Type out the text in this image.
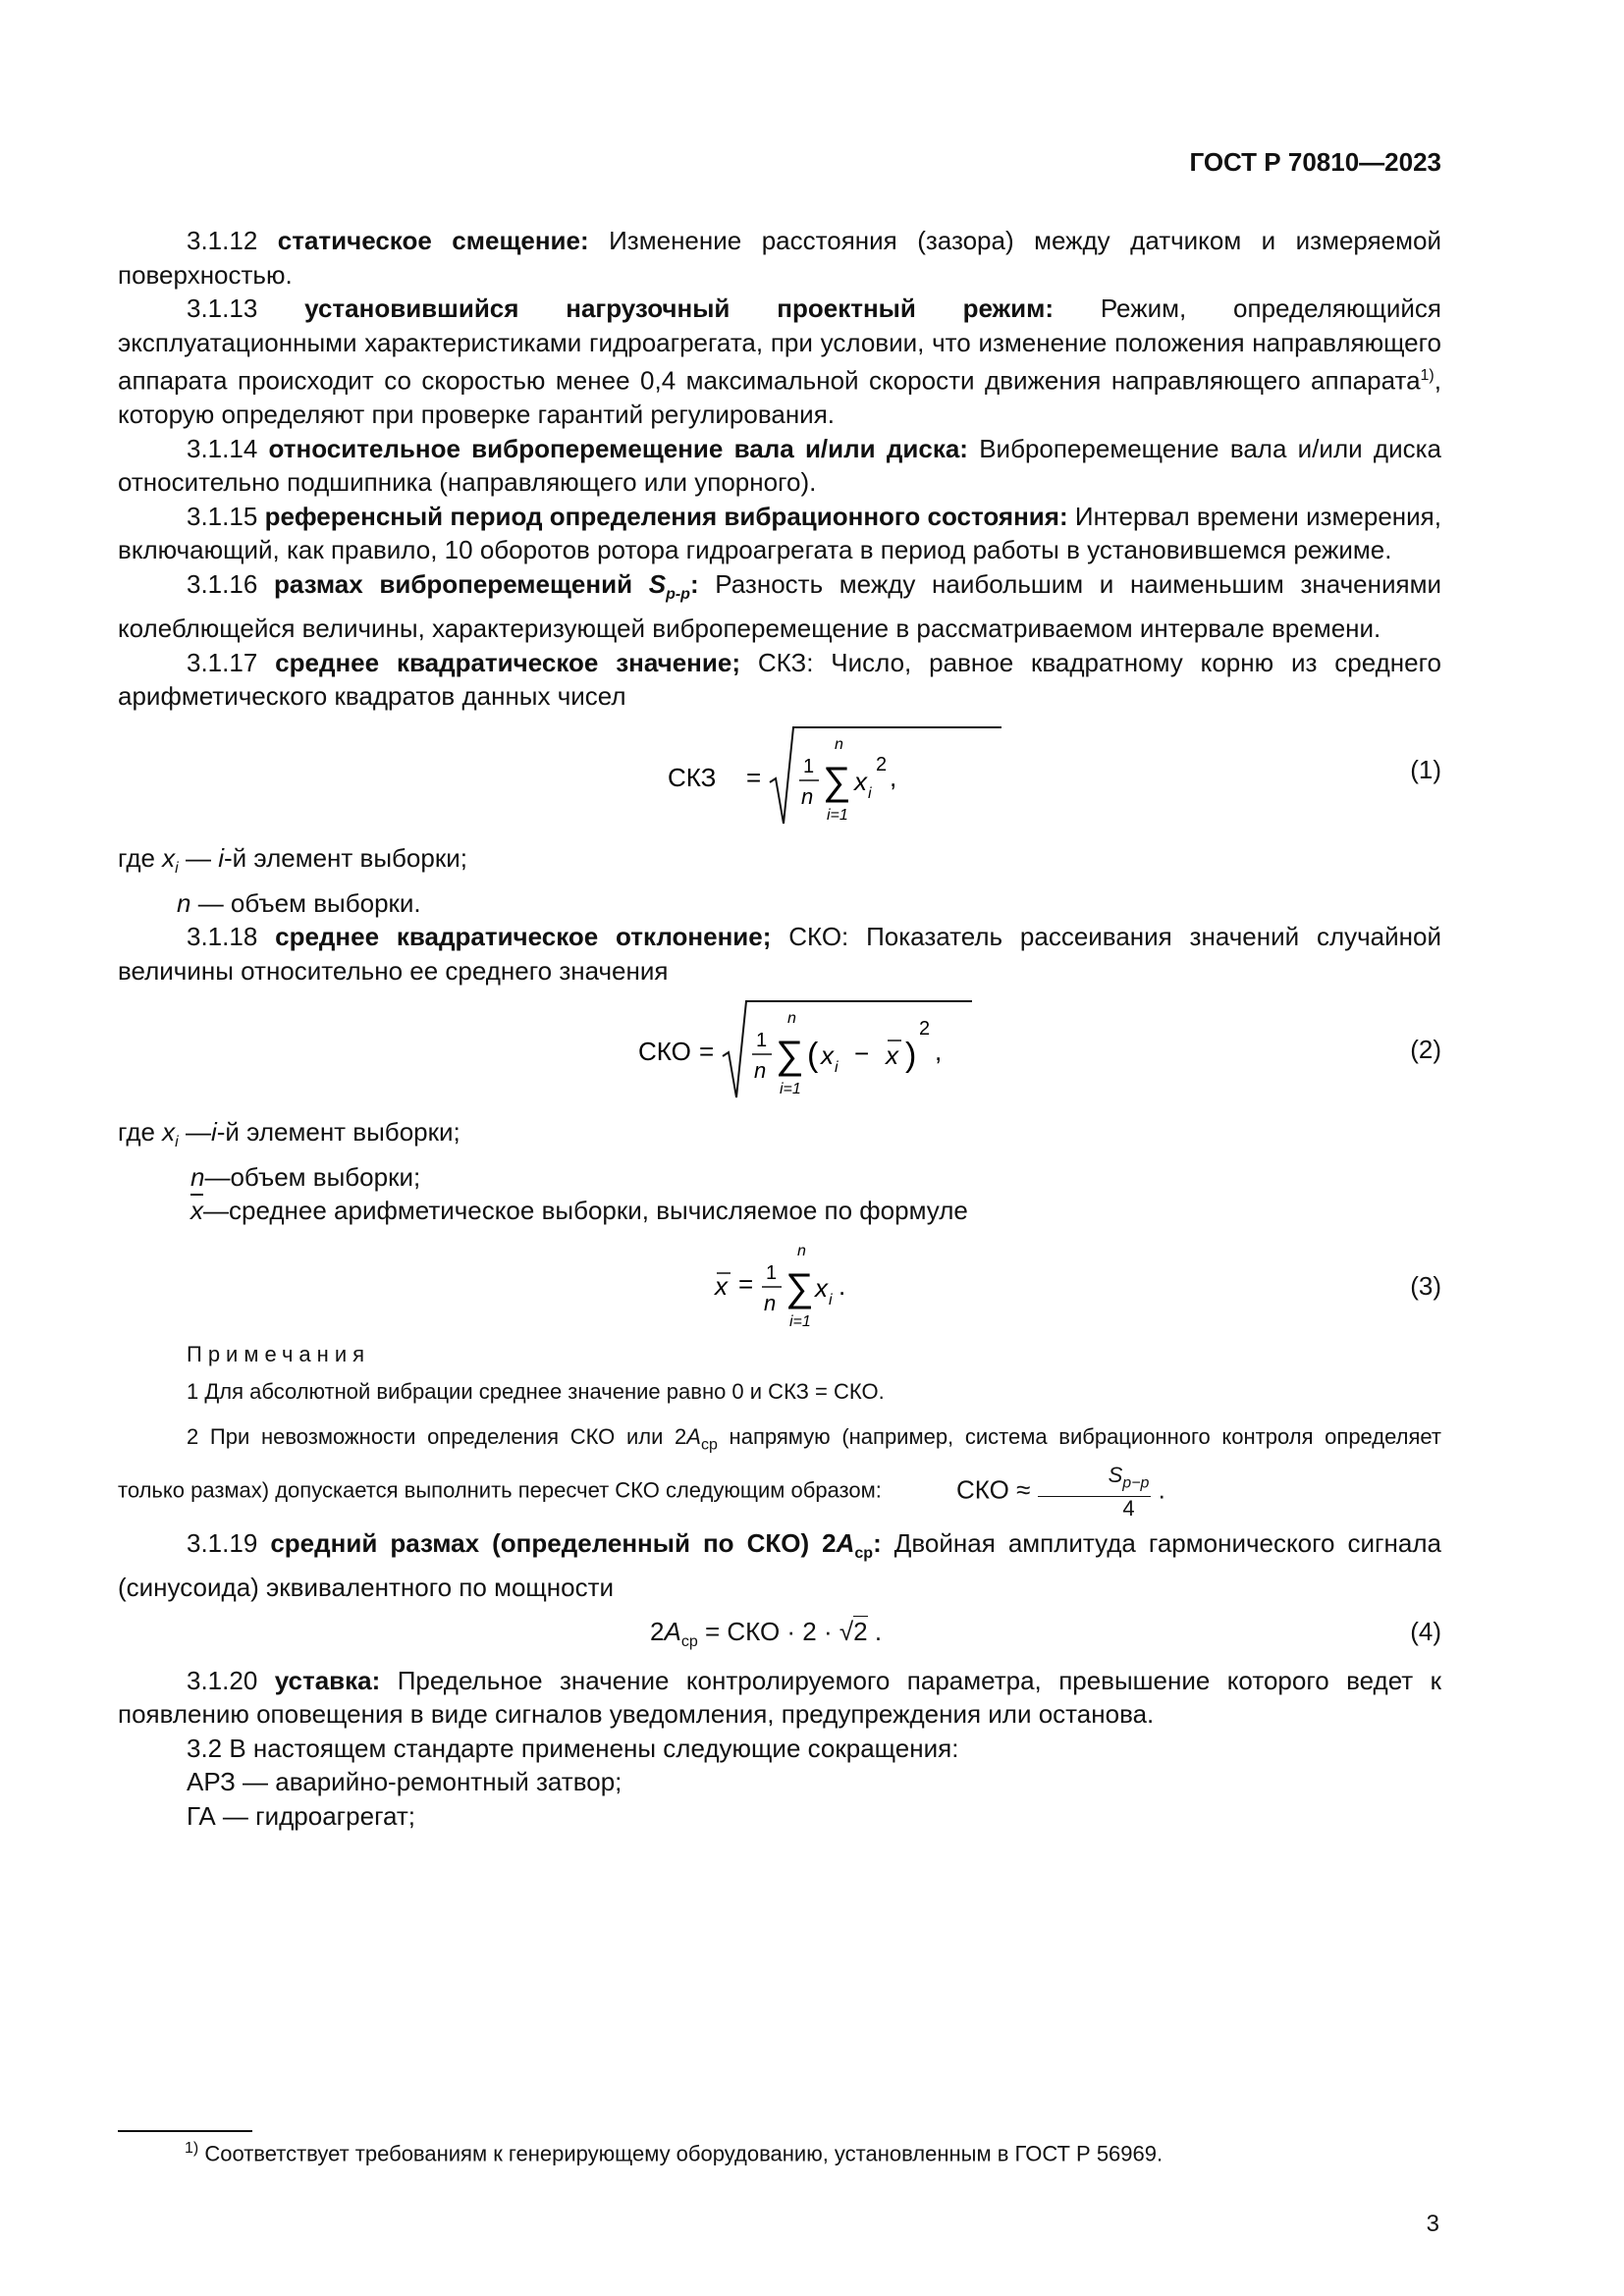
ГОСТ Р 70810—2023

3.1.12 статическое смещение: Изменение расстояния (зазора) между датчиком и измеряемой поверхностью.

3.1.13 установившийся нагрузочный проектный режим: Режим, определяющийся эксплуатационными характеристиками гидроагрегата, при условии, что изменение положения направляющего аппарата происходит со скоростью менее 0,4 максимальной скорости движения направляющего аппарата$^{1)}$, которую определяют при проверке гарантий регулирования.

3.1.14 относительное виброперемещение вала и/или диска: Виброперемещение вала и/или диска относительно подшипника (направляющего или упорного).

3.1.15 референсный период определения вибрационного состояния: Интервал времени измерения, включающий, как правило, 10 оборотов ротора гидроагрегата в период работы в установившемся режиме.

3.1.16 размах виброперемещений $S_{p-p}$: Разность между наибольшим и наименьшим значениями колеблющейся величины, характеризующей виброперемещение в рассматриваемом интервале времени.

3.1.17 среднее квадратическое значение; СКЗ: Число, равное квадратному корню из среднего арифметического квадратов данных чисел

СКЗ = 1
n
n
∑
i=1
x i
2 ,	(1)
где $x_i$ — i-й элемент выборки;
n — объем выборки.

3.1.18 среднее квадратическое отклонение; СКО: Показатель рассеивания значений случайной величины относительно ее среднего значения

СКО = 1
n
n
∑
i=1
( x i − x )
2
,	(2)
где $x_i$ —i-й элемент выборки;
n—объем выборки;
$\overline{x}—среднее$ арифметическое выборки, вычисляемое по формуле
x = 1
n
n
∑
i=1
x i .	(3)
Примечания
1 Для абсолютной вибрации среднее значение равно 0 и СКЗ = СКО.
2 При невозможности определения СКО или $2A_{ср}$ напрямую (например, система вибрационного контроля определяет только размах) допускается выполнить пересчет СКО следующим образом:	СКО ≈ $\frac{S_{p-p}}{4}$ .

3.1.19 средний размах (определенный по СКО) $2A_{ср}$: Двойная амплитуда гармонического сигнала (синусоида) эквивалентного по мощности

$2A_{ср}$ = СКО · 2 · √2 .	(4)

3.1.20 уставка: Предельное значение контролируемого параметра, превышение которого ведет к появлению оповещения в виде сигналов уведомления, предупреждения или останова.

3.2 В настоящем стандарте применены следующие сокращения:

АРЗ — аварийно-ремонтный затвор;

ГА — гидроагрегат;

$^{1)}$ Соответствует требованиям к генерирующему оборудованию, установленным в ГОСТ Р 56969.
3
